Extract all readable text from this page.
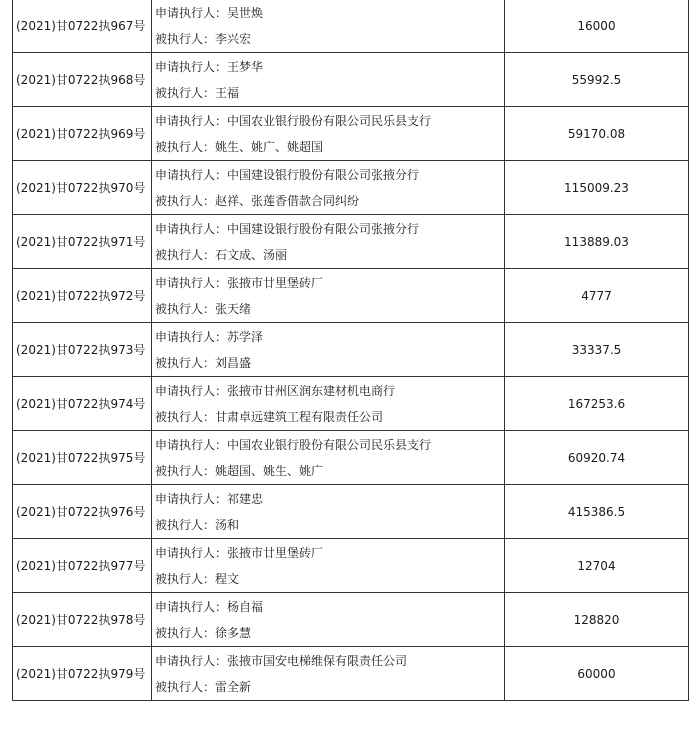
(2021)甘0722执967号	申请执行人：吴世焕
被执行人：李兴宏	16000
(2021)甘0722执968号	申请执行人：王梦华
被执行人：王福	55992.5
(2021)甘0722执969号	申请执行人：中国农业银行股份有限公司民乐县支行
被执行人：姚生、姚广、姚超国	59170.08
(2021)甘0722执970号	申请执行人：中国建设银行股份有限公司张掖分行
被执行人：赵祥、张莲香借款合同纠纷	115009.23
(2021)甘0722执971号	申请执行人：中国建设银行股份有限公司张掖分行
被执行人：石文成、汤丽	113889.03
(2021)甘0722执972号	申请执行人：张掖市廿里堡砖厂
被执行人：张天绪	4777
(2021)甘0722执973号	申请执行人：苏学泽
被执行人：刘昌盛	33337.5
(2021)甘0722执974号	申请执行人：张掖市甘州区润东建材机电商行
被执行人：甘肃卓远建筑工程有限责任公司	167253.6
(2021)甘0722执975号	申请执行人：中国农业银行股份有限公司民乐县支行
被执行人：姚超国、姚生、姚广	60920.74
(2021)甘0722执976号	申请执行人：祁建忠
被执行人：汤和	415386.5
(2021)甘0722执977号	申请执行人：张掖市廿里堡砖厂
被执行人：程文	12704
(2021)甘0722执978号	申请执行人：杨自福
被执行人：徐多慧	128820
(2021)甘0722执979号	申请执行人：张掖市国安电梯维保有限责任公司
被执行人：雷全新	60000
